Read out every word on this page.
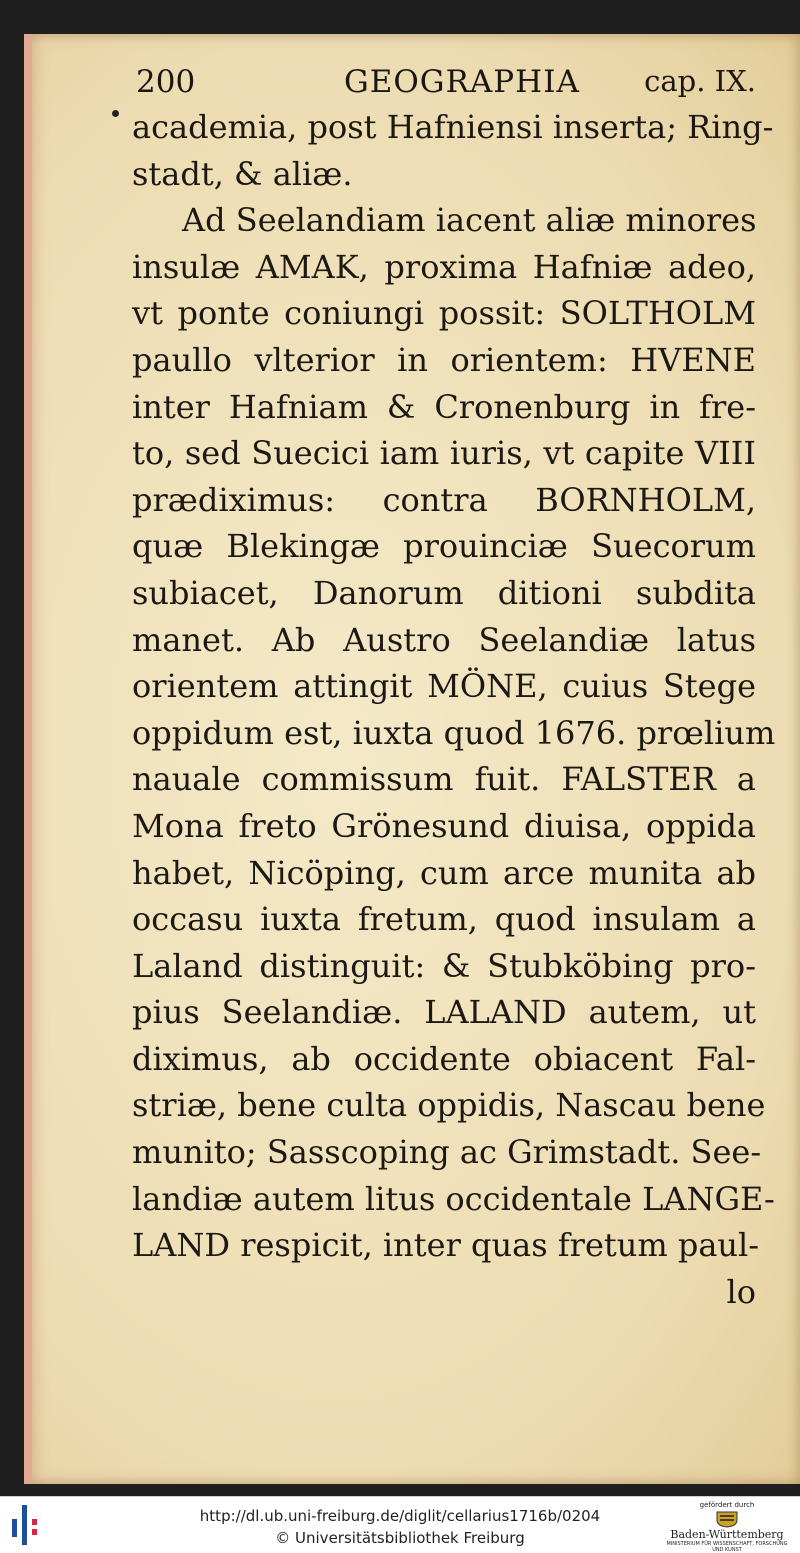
200	GEOGRAPHIA cap. IX.
academia, post Hafniensi inserta; Ring-
stadt, & aliæ.
Ad Seelandiam iacent aliæ minores
insulæ AMAK, proxima Hafniæ adeo,
vt ponte coniungi possit: SOLTHOLM
paullo vlterior in orientem: HVENE
inter Hafniam & Cronenburg in fre-
to, sed Suecici iam iuris, vt capite VIII
prædiximus: contra BORNHOLM,
quæ Blekingæ prouinciæ Suecorum
subiacet, Danorum ditioni subdita
manet. Ab Austro Seelandiæ latus
orientem attingit MÖNE, cuius Stege
oppidum est, iuxta quod 1676. prœlium
nauale commissum fuit. FALSTER a
Mona freto Grönesund diuisa, oppida
habet, Nicöping, cum arce munita ab
occasu iuxta fretum, quod insulam a
Laland distinguit: & Stubköbing pro-
pius Seelandiæ. LALAND autem, ut
diximus, ab occidente obiacent Fal-
striæ, bene culta oppidis, Nascau bene
munito; Sasscoping ac Grimstadt. See-
landiæ autem litus occidentale LANGE-
LAND respicit, inter quas fretum paul-
lo
http://dl.ub.uni-freiburg.de/diglit/cellarius1716b/0204
© Universitätsbibliothek Freiburg
gefördert durch
Baden-Württemberg
MINISTERIUM FÜR WISSENSCHAFT, FORSCHUNG UND KUNST
